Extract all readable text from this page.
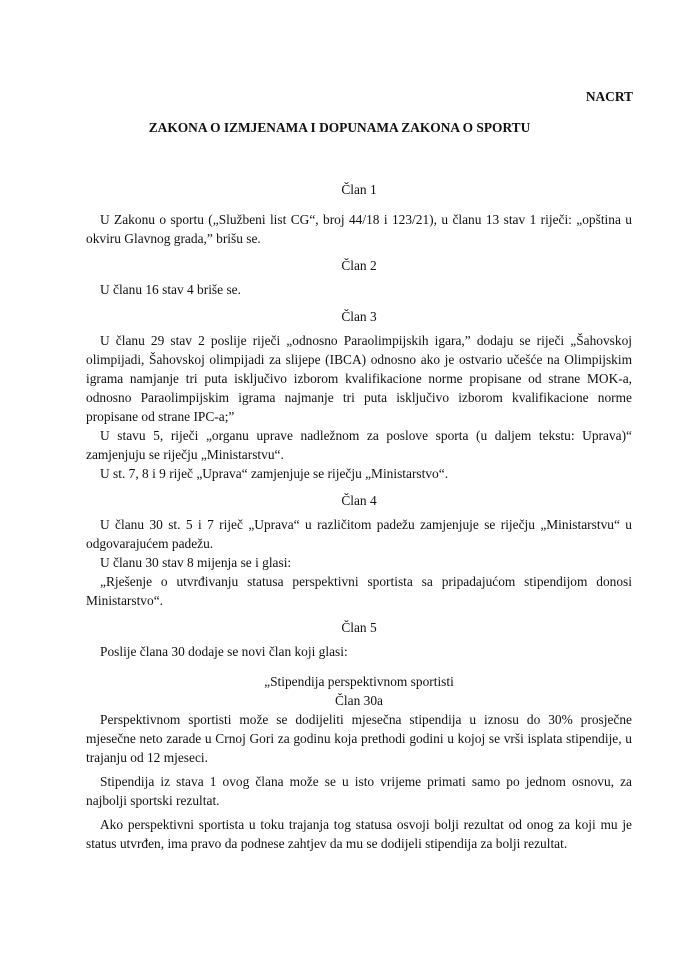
NACRT
ZAKONA O IZMJENAMA I DOPUNAMA ZAKONA O SPORTU
Član 1
U Zakonu o sportu („Službeni list CG“, broj 44/18 i 123/21), u članu 13 stav 1 riječi: „opština u okviru Glavnog grada,” brišu se.
Član 2
U članu 16 stav 4 briše se.
Član 3
U članu 29 stav 2 poslije riječi „odnosno Paraolimpijskih igara,” dodaju se riječi „Šahovskoj olimpijadi, Šahovskoj olimpijadi za slijepe (IBCA) odnosno ako je ostvario učešće na Olimpijskim igrama namjanje tri puta isključivo izborom kvalifikacione norme propisane od strane MOK-a, odnosno Paraolimpijskim igrama najmanje tri puta isključivo izborom kvalifikacione norme propisane od strane IPC-a;”
U stavu 5, riječi „organu uprave nadležnom za poslove sporta (u daljem tekstu: Uprava)“ zamjenjuju se riječju „Ministarstvu“.
U st. 7, 8 i 9 riječ „Uprava“ zamjenjuje se riječju „Ministarstvo“.
Član 4
U članu 30 st. 5 i 7 riječ „Uprava“ u različitom padežu zamjenjuje se riječju „Ministarstvu“ u odgovarajućem padežu.
U članu 30 stav 8 mijenja se i glasi:
„Rješenje o utvrđivanju statusa perspektivni sportista sa pripadajućom stipendijom donosi Ministarstvo“.
Član 5
Poslije člana 30 dodaje se novi član koji glasi:
„Stipendija perspektivnom sportisti
Član 30a
Perspektivnom sportisti može se dodijeliti mjesečna stipendija u iznosu do 30% prosječne mjesečne neto zarade u Crnoj Gori za godinu koja prethodi godini u kojoj se vrši isplata stipendije, u trajanju od 12 mjeseci.
Stipendija iz stava 1 ovog člana može se u isto vrijeme primati samo po jednom osnovu, za najbolji sportski rezultat.
Ako perspektivni sportista u toku trajanja tog statusa osvoji bolji rezultat od onog za koji mu je status utvrđen, ima pravo da podnese zahtjev da mu se dodijeli stipendija za bolji rezultat.
